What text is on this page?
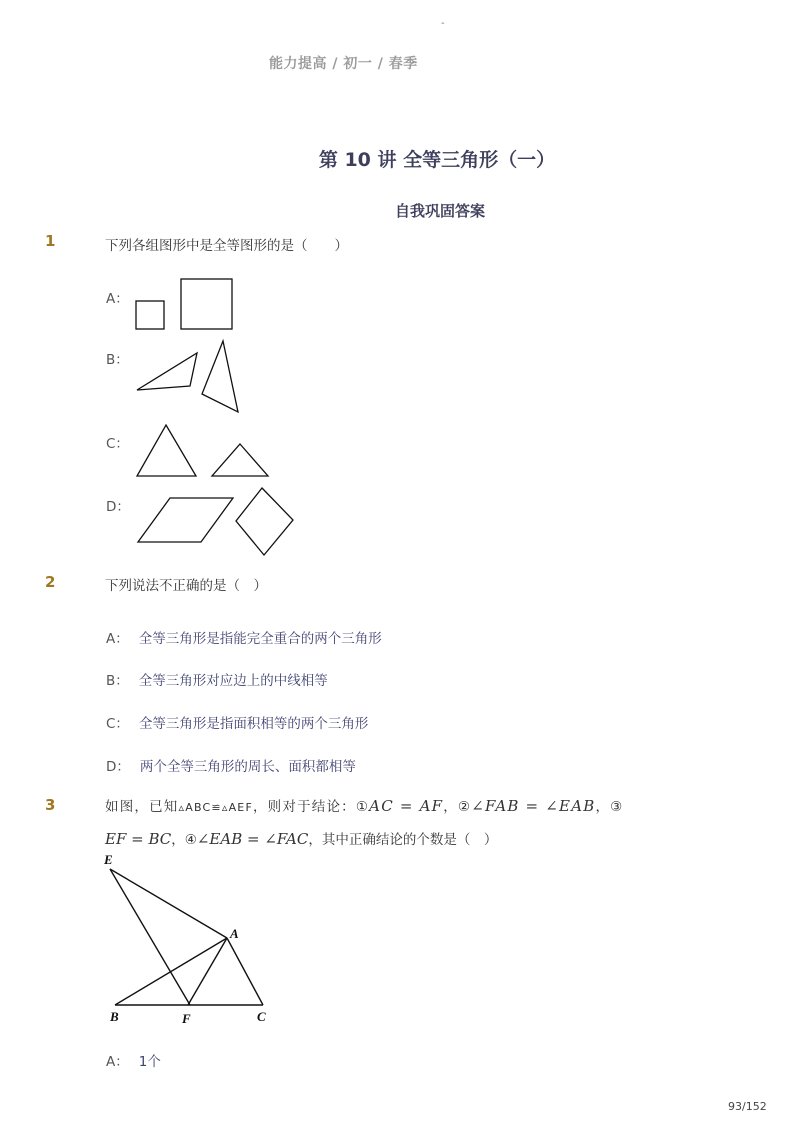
-
能力提高 / 初一 / 春季
第 10 讲 全等三角形（一）
自我巩固答案
1	下列各组图形中是全等图形的是（　　）
A：
B：
C：
D：
2	下列说法不正确的是（　）
A： 全等三角形是指能完全重合的两个三角形
B： 全等三角形对应边上的中线相等
C： 全等三角形是指面积相等的两个三角形
D： 两个全等三角形的周长、面积都相等
3	如图，已知▵ABC≌▵AEF，则对于结论：①AC = AF，②∠FAB = ∠EAB，③
EF = BC，④∠EAB = ∠FAC，其中正确结论的个数是（　）
E
A
B	F	C
A： 1个
93/152
